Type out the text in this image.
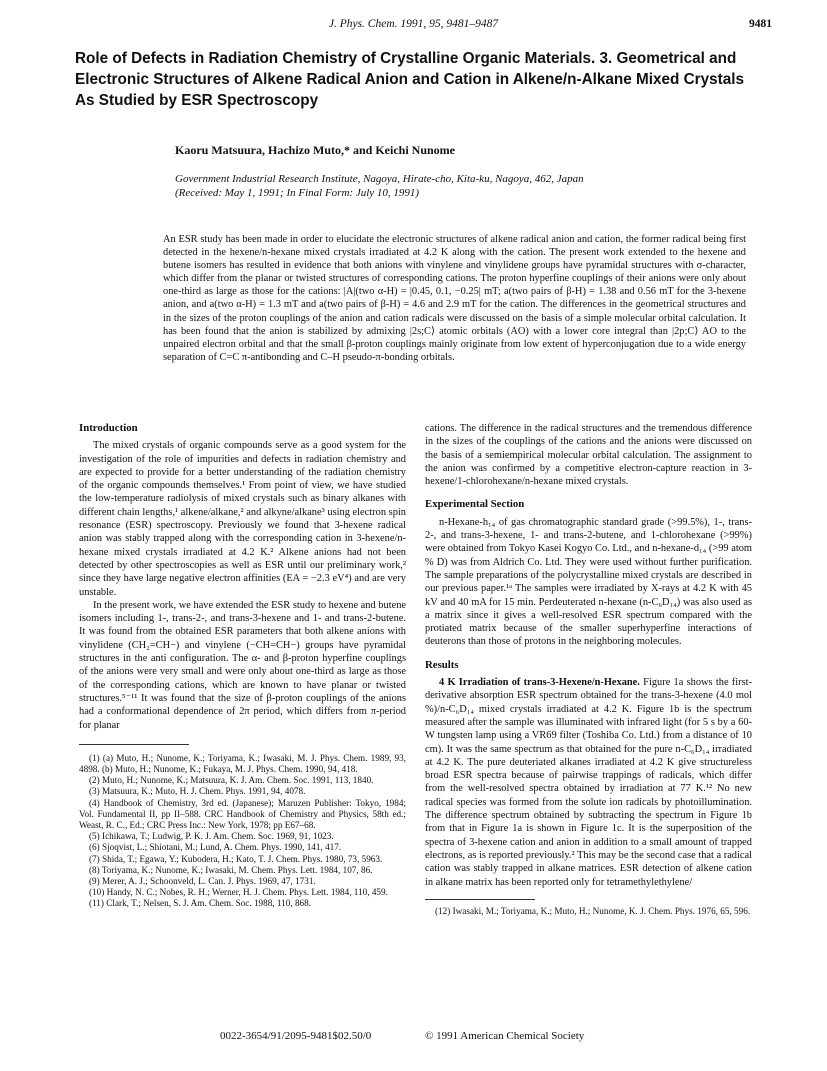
J. Phys. Chem. 1991, 95, 9481–9487	9481
Role of Defects in Radiation Chemistry of Crystalline Organic Materials. 3. Geometrical and Electronic Structures of Alkene Radical Anion and Cation in Alkene/n-Alkane Mixed Crystals As Studied by ESR Spectroscopy
Kaoru Matsuura, Hachizo Muto,* and Keichi Nunome
Government Industrial Research Institute, Nagoya, Hirate-cho, Kita-ku, Nagoya, 462, Japan
(Received: May 1, 1991; In Final Form: July 10, 1991)

An ESR study has been made in order to elucidate the electronic structures of alkene radical anion and cation, the former radical being first detected in the hexene/n-hexane mixed crystals irradiated at 4.2 K along with the cation. The present work extended to the hexene and butene isomers has resulted in evidence that both anions with vinylene and vinylidene groups have pyramidal structures with σ-character, which differ from the planar or twisted structures of corresponding cations. The proton hyperfine couplings of their anions were only about one-third as large as those for the cations: |A|(two α-H) = |0.45, 0.1, −0.25| mT; a(two pairs of β-H) = 1.38 and 0.56 mT for the 3-hexene anion, and a(two α-H) = 1.3 mT and a(two pairs of β-H) = 4.6 and 2.9 mT for the cation. The differences in the geometrical structures and in the sizes of the proton couplings of the anion and cation radicals were discussed on the basis of a simple molecular orbital calculation. It has been found that the anion is stabilized by admixing |2s;C⟩ atomic orbitals (AO) with a lower core integral than |2p;C⟩ AO to the unpaired electron orbital and that the small β-proton couplings mainly originate from low extent of hyperconjugation due to a wide energy separation of C=C π-antibonding and C–H pseudo-π-bonding orbitals.

Introduction

The mixed crystals of organic compounds serve as a good system for the investigation of the role of impurities and defects in radiation chemistry and are expected to provide for a better understanding of the radiation chemistry of the organic compounds themselves.¹ From point of view, we have studied the low-temperature radiolysis of mixed crystals such as binary alkanes with different chain lengths,¹ alkene/alkane,² and alkyne/alkane³ using electron spin resonance (ESR) spectroscopy. Previously we found that 3-hexene radical anion was stably trapped along with the corresponding cation in 3-hexene/n-hexane mixed crystals irradiated at 4.2 K.² Alkene anions had not been detected by other spectroscopies as well as ESR until our preliminary work,² since they have large negative electron affinities (EA = −2.3 eV⁴) and are very unstable.

In the present work, we have extended the ESR study to hexene and butene isomers including 1-, trans-2-, and trans-3-hexene and 1- and trans-2-butene. It was found from the obtained ESR parameters that both alkene anions with vinylidene (CH₂=CH−) and vinylene (−CH=CH−) groups have pyramidal structures in the anti configuration. The α- and β-proton hyperfine couplings of the anions were very small and were only about one-third as large as those of the corresponding cations, which are known to have planar or twisted structures.⁵⁻¹¹ It was found that the size of β-proton couplings of the anions had a conformational dependence of 2π period, which differs from π-period for planar

(1) (a) Muto, H.; Nunome, K.; Toriyama, K.; Iwasaki, M. J. Phys. Chem. 1989, 93, 4898. (b) Muto, H.; Nunome, K.; Fukaya, M. J. Phys. Chem. 1990, 94, 418.
(2) Muto, H.; Nunome, K.; Matsuura, K. J. Am. Chem. Soc. 1991, 113, 1840.
(3) Matsuura, K.; Muto, H. J. Chem. Phys. 1991, 94, 4078.
(4) Handbook of Chemistry, 3rd ed. (Japanese); Maruzen Publisher: Tokyo, 1984; Vol. Fundamental II, pp II–588. CRC Handbook of Chemistry and Physics, 58th ed.; Weast, R. C., Ed.; CRC Press Inc.: New York, 1978; pp E67–68.
(5) Ichikawa, T.; Ludwig, P. K. J. Am. Chem. Soc. 1969, 91, 1023.
(6) Sjoqvist, L.; Shiotani, M.; Lund, A. Chem. Phys. 1990, 141, 417.
(7) Shida, T.; Egawa, Y.; Kubodera, H.; Kato, T. J. Chem. Phys. 1980, 73, 5963.
(8) Toriyama, K.; Nunome, K.; Iwasaki, M. Chem. Phys. Lett. 1984, 107, 86.
(9) Merer, A. J.; Schoonveld, L. Can. J. Phys. 1969, 47, 1731.
(10) Handy, N. C.; Nobes, R. H.; Werner, H. J. Chem. Phys. Lett. 1984, 110, 459.
(11) Clark, T.; Nelsen, S. J. Am. Chem. Soc. 1988, 110, 868.

cations. The difference in the radical structures and the tremendous difference in the sizes of the couplings of the cations and the anions were discussed on the basis of a semiempirical molecular orbital calculation. The assignment to the anion was confirmed by a competitive electron-capture reaction in 3-hexene/1-chlorohexane/n-hexane mixed crystals.

Experimental Section

n-Hexane-h₁₄ of gas chromatographic standard grade (>99.5%), 1-, trans-2-, and trans-3-hexene, 1- and trans-2-butene, and 1-chlorohexane (>99%) were obtained from Tokyo Kasei Kogyo Co. Ltd., and n-hexane-d₁₄ (>99 atom % D) was from Aldrich Co. Ltd. They were used without further purification. The sample preparations of the polycrystalline mixed crystals are described in our previous paper.¹ᵃ The samples were irradiated by X-rays at 4.2 K with 45 kV and 40 mA for 15 min. Perdeuterated n-hexane (n-C₆D₁₄) was also used as a matrix since it gives a well-resolved ESR spectrum compared with the protiated matrix because of the smaller superhyperfine interactions of deuterons than those of protons in the neighboring molecules.

Results

4 K Irradiation of trans-3-Hexene/n-Hexane. Figure 1a shows the first-derivative absorption ESR spectrum obtained for the trans-3-hexene (4.0 mol %)/n-C₆D₁₄ mixed crystals irradiated at 4.2 K. Figure 1b is the spectrum measured after the sample was illuminated with infrared light (for 5 s by a 60-W tungsten lamp using a VR69 filter (Toshiba Co. Ltd.) from a distance of 10 cm). It was the same spectrum as that obtained for the pure n-C₆D₁₄ irradiated at 4.2 K. The pure deuteriated alkanes irradiated at 4.2 K give structureless broad ESR spectra because of pairwise trappings of radicals, which differ from the well-resolved spectra obtained by irradiation at 77 K.¹² No new radical species was formed from the solute ion radicals by photoillumination. The difference spectrum obtained by subtracting the spectrum in Figure 1b from that in Figure 1a is shown in Figure 1c. It is the superposition of the spectra of 3-hexene cation and anion in addition to a small amount of trapped electrons, as is reported previously.² This may be the second case that a radical cation was stably trapped in alkane matrices. ESR detection of alkene cation in alkane matrix has been reported only for tetramethylethylene/

(12) Iwasaki, M.; Toriyama, K.; Muto, H.; Nunome, K. J. Chem. Phys. 1976, 65, 596.
0022-3654/91/2095-9481$02.50/0	© 1991 American Chemical Society
